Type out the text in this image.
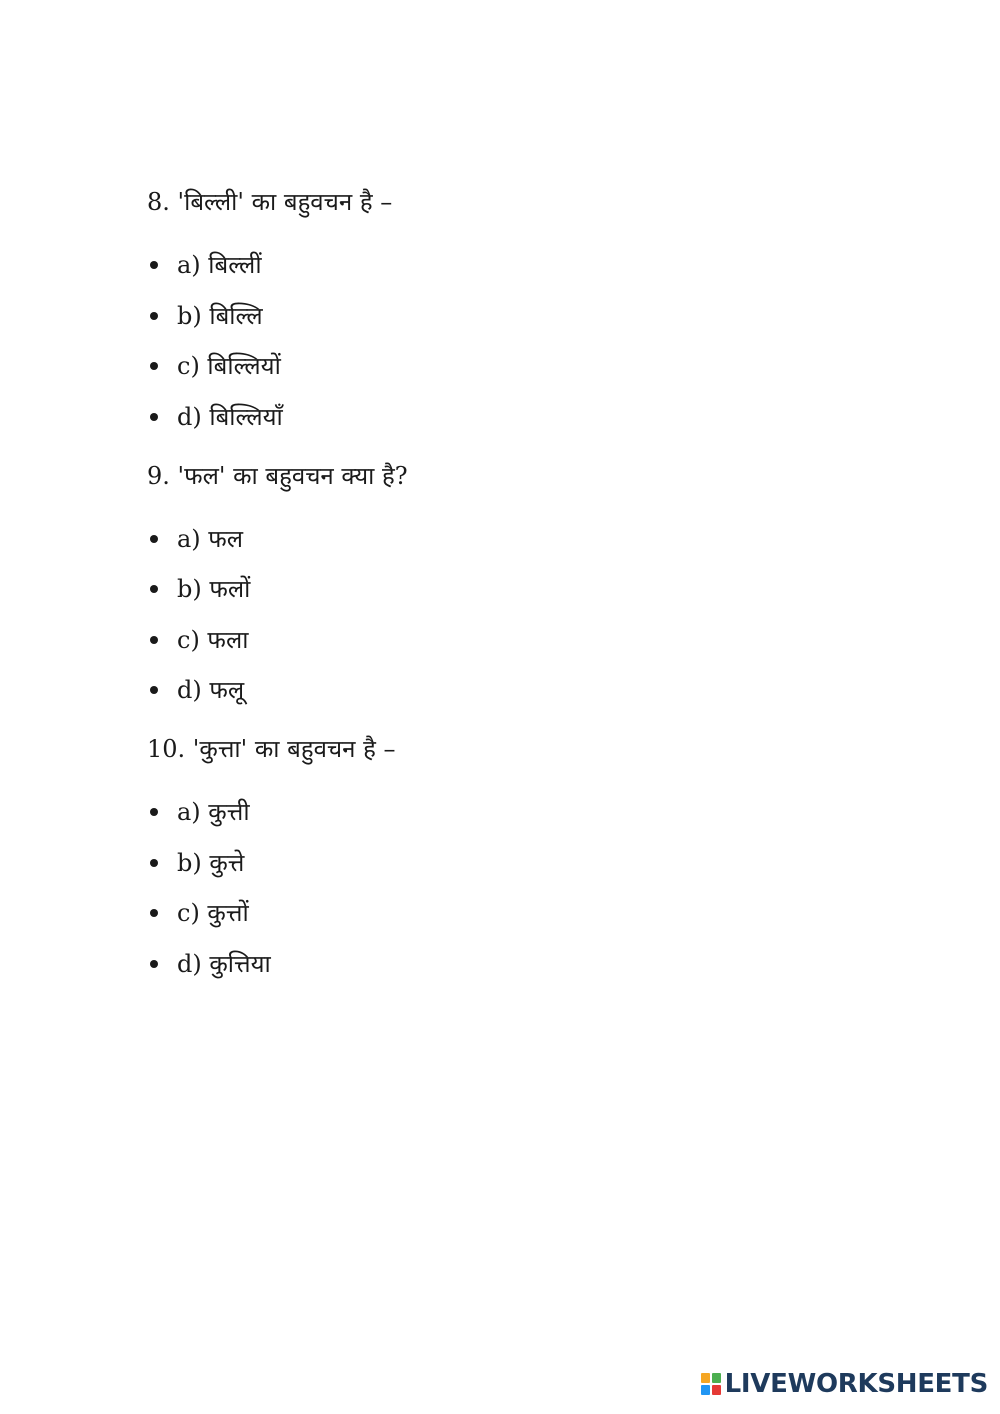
8. 'बिल्ली' का बहुवचन है –

a) बिल्लीं
b) बिल्लि
c) बिल्लियों
d) बिल्लियाँ

9. 'फल' का बहुवचन क्या है?

a) फल
b) फलों
c) फला
d) फलू

10. 'कुत्ता' का बहुवचन है –

a) कुत्ती
b) कुत्ते
c) कुत्तों
d) कुत्तिया
LIVEWORKSHEETS
